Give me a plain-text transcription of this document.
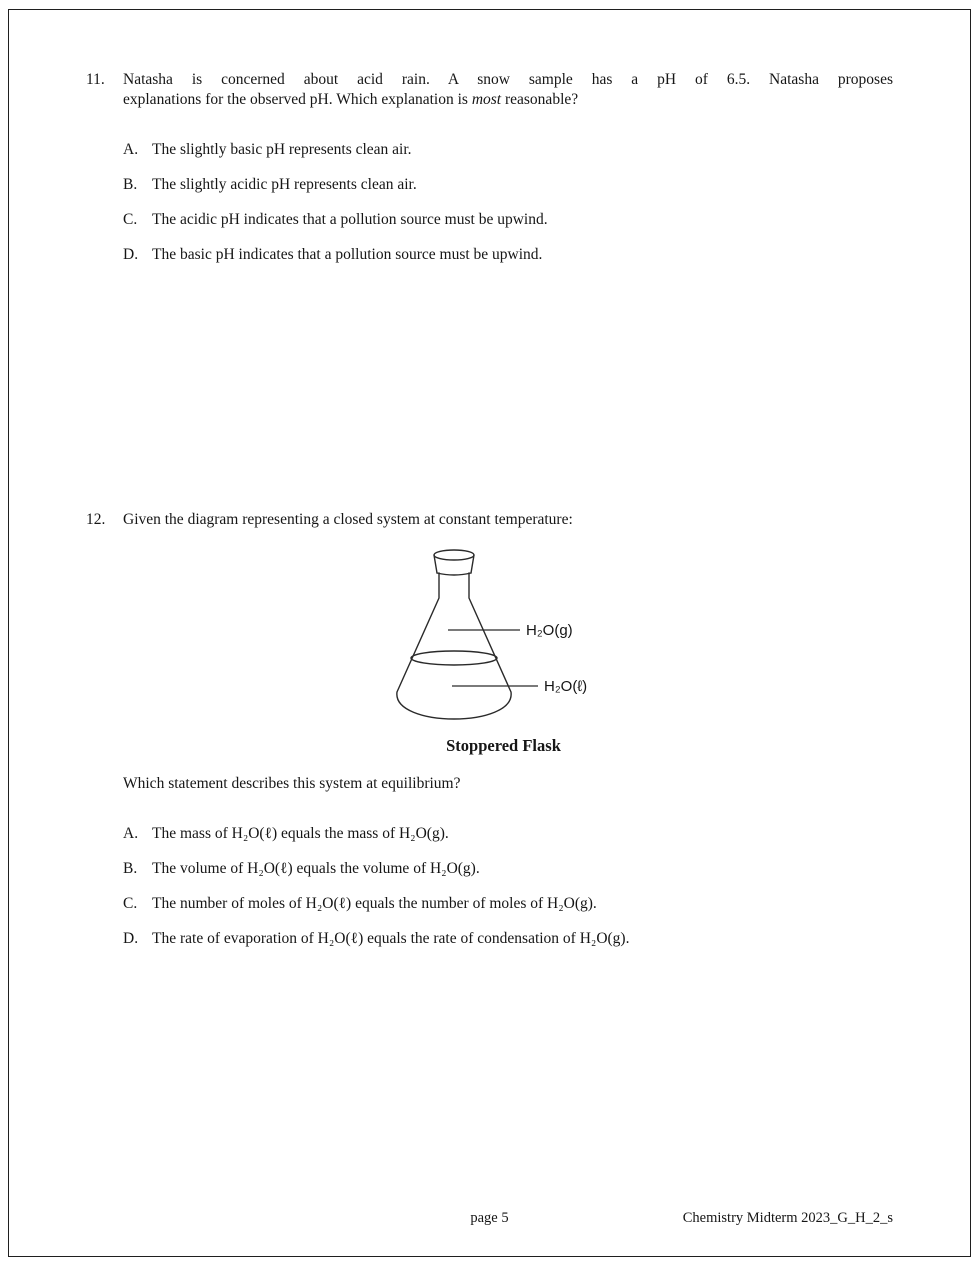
11.	Natasha is concerned about acid rain. A snow sample has a pH of 6.5. Natasha proposes
explanations for the observed pH. Which explanation is most reasonable?
A. The slightly basic pH represents clean air.
B. The slightly acidic pH represents clean air.
C. The acidic pH indicates that a pollution source must be upwind.
D. The basic pH indicates that a pollution source must be upwind.
12.	Given the diagram representing a closed system at constant temperature:
H₂O(g)
H₂O(ℓ)
Stoppered Flask
Which statement describes this system at equilibrium?
A. The mass of H₂O(ℓ) equals the mass of H₂O(g).
B. The volume of H₂O(ℓ) equals the volume of H₂O(g).
C. The number of moles of H₂O(ℓ) equals the number of moles of H₂O(g).
D. The rate of evaporation of H₂O(ℓ) equals the rate of condensation of H₂O(g).
page 5	Chemistry Midterm 2023_G_H_2_s
